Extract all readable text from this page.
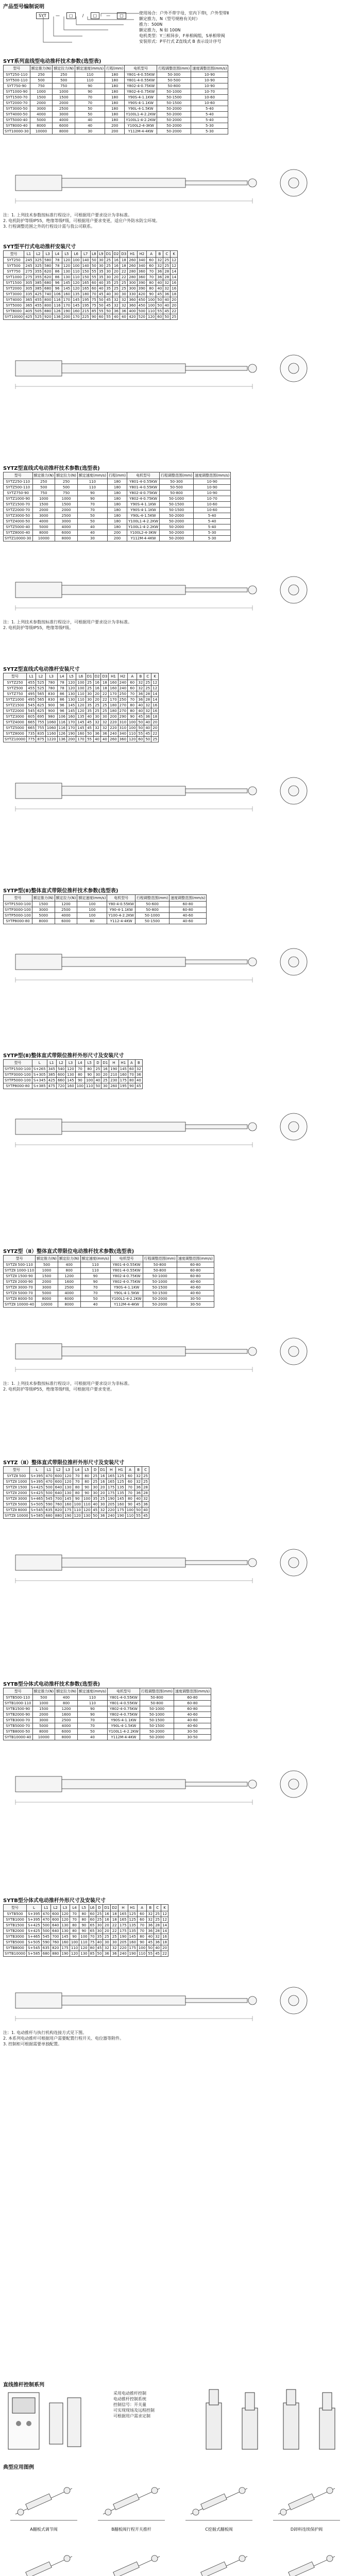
产品型号编制说明
SYT — □ / □ — □
使用场合：户外不带字母，室内下带I，户外型带Ⅱ
额定推力，N（型号规格有关时）
推力：500N
额定推力，N 如 100N
电机类型：Y三相异步，F单相阀组，S单相带阀
安装形式：P平行式 Z直线式 B 表示设计序号
SYT系列直线型电动推杆技术参数(选型表)
型号	额定推力(N)	额定拉力(N)	额定速度(mm/s)	行程(mm)	电机型号	行程调整范围(mm)	速度调整范围(mm/s)
SYT250-110	250	250	110	180	Y801-4-0.55KW	50-300	10-90
SYT500-110	500	500	110	180	Y801-4-0.55KW	50-500	10-90
SYT750-90	750	750	90	180	Y802-4-0.75KW	50-800	10-90
SYT1000-90	1000	1000	90	180	Y802-4-0.75KW	50-1000	10-70
SYT1500-70	1500	1500	70	180	Y90S-4-1.1KW	50-1500	10-60
SYT2000-70	2000	2000	70	180	Y90S-4-1.1KW	50-1500	10-60
SYT3000-50	3000	2500	50	180	Y90L-4-1.5KW	50-2000	5-40
SYT4000-50	4000	3000	50	180	Y100L1-4-2.2KW	50-2000	5-40
SYT5000-40	5000	4000	40	180	Y100L1-4-2.2KW	50-2000	5-40
SYT8000-40	8000	6000	40	200	Y100L2-4-3KW	50-2000	5-30
SYT10000-30	10000	8000	30	200	Y112M-4-4KW	50-2000	5-30
注：1. 上列技术参数按标准行程设计，可根据用户要求设计为非标准。
2. 电机防护等级IP55，绝缘等级F级，可根据用户要求变更，适应户外防水防尘环境。
3. 行程调整范围之外的行程设计需与我公司联系。
SYT型平行式电动推杆安装尺寸
型号	L1	L2	L3	L4	L5	L6	L7	L8	L9	D1	D2	D3	H1	H2	A	B	C	K
SYT250	245	325	580	78	120	100	140	50	30	25	16	18	260	340	60	32	25	12
SYT500	245	325	580	78	120	100	140	50	30	25	16	18	260	340	60	32	25	12
SYT750	275	355	620	86	130	110	150	55	35	30	20	22	280	360	70	36	28	14
SYT1000	275	355	620	86	130	110	150	55	35	30	20	22	280	360	70	36	28	14
SYT1500	305	385	680	96	145	120	165	60	40	35	25	25	300	390	80	40	32	16
SYT2000	305	385	680	96	145	120	165	60	40	35	25	25	300	390	80	40	32	16
SYT3000	335	425	740	106	160	135	180	70	45	40	30	30	330	420	90	45	36	18
SYT4000	365	455	800	116	170	145	195	75	50	45	32	32	360	450	100	50	40	20
SYT5000	365	455	800	116	170	145	195	75	50	45	32	32	360	450	100	50	40	20
SYT8000	405	505	880	126	190	160	215	85	55	50	36	36	400	500	110	55	45	22
SYT10000	425	525	920	136	200	170	225	90	60	55	40	40	420	520	120	60	50	25
SYTZ型直线式电动推杆技术参数(选型表)
型号	额定推力(N)	额定拉力(N)	额定速度(mm/s)	行程(mm)	电机型号	行程调整范围(mm)	速度调整范围(mm/s)
SYTZ250-110	250	250	110	180	Y801-4-0.55KW	50-300	10-90
SYTZ500-110	500	500	110	180	Y801-4-0.55KW	50-500	10-90
SYTZ750-90	750	750	90	180	Y802-4-0.75KW	50-800	10-90
SYTZ1000-90	1000	1000	90	180	Y802-4-0.75KW	50-1000	10-70
SYTZ1500-70	1500	1500	70	180	Y90S-4-1.1KW	50-1500	10-60
SYTZ2000-70	2000	2000	70	180	Y90S-4-1.1KW	50-1500	10-60
SYTZ3000-50	3000	2500	50	180	Y90L-4-1.5KW	50-2000	5-40
SYTZ4000-50	4000	3000	50	180	Y100L1-4-2.2KW	50-2000	5-40
SYTZ5000-40	5000	4000	40	180	Y100L1-4-2.2KW	50-2000	5-40
SYTZ8000-40	8000	6000	40	200	Y100L2-4-3KW	50-2000	5-30
SYTZ10000-30	10000	8000	30	200	Y112M-4-4KW	50-2000	5-30
注：1. 上列技术参数按标准行程设计，可根据用户要求设计为非标准。
2. 电机防护等级IP55，绝缘等级F级。
SYTZ型直线式电动推杆安装尺寸
型号	L1	L2	L3	L4	L5	L6	D1	D2	D3	H1	H2	A	B	C	K
SYTZ250	455	525	780	78	120	100	25	16	18	160	240	60	32	25	12
SYTZ500	455	525	780	78	120	100	25	16	18	160	240	60	32	25	12
SYTZ750	495	565	830	86	130	110	30	20	22	170	250	70	36	28	14
SYTZ1000	495	565	830	86	130	110	30	20	22	170	250	70	36	28	14
SYTZ1500	545	625	900	96	145	120	35	25	25	180	270	80	40	32	16
SYTZ2000	545	625	900	96	145	120	35	25	25	180	270	80	40	32	16
SYTZ3000	605	695	980	106	160	135	40	30	30	200	290	90	45	36	18
SYTZ4000	665	755	1060	116	170	145	45	32	32	220	310	100	50	40	20
SYTZ5000	665	755	1060	116	170	145	45	32	32	220	310	100	50	40	20
SYTZ8000	735	835	1160	126	190	160	50	36	36	240	340	110	55	45	22
SYTZ10000	775	875	1220	136	200	170	55	40	40	260	360	120	60	50	25
SYTP型(Ⅱ)整体直式带限位推杆技术参数(选型表)
型号	额定推力(N)	额定拉力(N)	额定速度(mm/s)	电机型号	行程调整范围(mm)	速度调整范围(mm/s)
SYTP1500-100	1500	1200	100	Y80-4-0.55KW	50-600	60-80
SYTP3000-100	3000	2500	100	Y90-4-1.1KW	50-800	60-80
SYTP5000-100	5000	4000	100	Y100-4-2.2KW	50-1000	40-60
SYTP8000-80	8000	6000	80	Y112-4-4KW	50-1500	40-60
SYTP型(Ⅱ)整体直式带限位推杆外形尺寸及安装尺寸
型号	L	L1	L2	L3	L4	L5	D	D1	H	H1	A	B
SYTP1500-100	S+265	345	540	120	70	80	25	16	190	145	60	32
SYTP3000-100	S+305	385	600	130	80	90	30	20	210	160	70	36
SYTP5000-100	S+345	425	660	145	90	100	40	25	230	175	80	40
SYTP8000-80	S+385	475	720	160	100	110	50	30	260	195	90	45
SYTZ型（Ⅱ）整体直式带限位电动推杆技术参数(选型表)
型号	额定推力(N)	额定拉力(N)	额定速度(mm/s)	电机型号	行程调整范围(mm)	速度调整范围(mm/s)
SYTZⅡ 500-110	500	400	110	Y801-4-0.55KW	50-800	60-80
SYTZⅡ 1000-110	1000	800	110	Y801-4-0.55KW	50-800	60-80
SYTZⅡ 1500-90	1500	1200	90	Y802-4-0.75KW	50-1000	60-80
SYTZⅡ 2000-90	2000	1600	90	Y802-4-0.75KW	50-1000	40-60
SYTZⅡ 3000-70	3000	2500	70	Y90S-4-1.1KW	50-1500	40-60
SYTZⅡ 5000-70	5000	4000	70	Y90L-4-1.5KW	50-1500	40-60
SYTZⅡ 8000-50	8000	6000	50	Y100L1-4-2.2KW	50-2000	30-50
SYTZⅡ 10000-40	10000	8000	40	Y112M-4-4KW	50-2000	30-50
注：1. 上列技术参数按标准行程设计，可根据用户要求设计为非标准。
2. 电机防护等级IP55，绝缘等级F级，可根据用户要求变更。
SYTZ（Ⅱ）整体直式带限位推杆外形尺寸及安装尺寸
型号	L	L1	L2	L3	L4	L5	D	D1	H	H1	A	B	C
SYTZⅡ 500	S+395	470	600	120	70	80	25	16	165	125	60	32	25
SYTZⅡ 1000	S+395	470	600	120	70	80	25	16	165	125	60	32	25
SYTZⅡ 1500	S+425	500	640	130	80	90	30	20	175	135	70	36	28
SYTZⅡ 2000	S+425	500	640	130	80	90	30	20	175	135	70	36	28
SYTZⅡ 3000	S+465	545	700	145	90	100	35	25	190	145	80	40	32
SYTZⅡ 5000	S+505	590	760	160	100	110	40	30	205	160	90	45	36
SYTZⅡ 8000	S+545	635	820	175	110	120	45	32	220	175	100	50	40
SYTZⅡ 10000	S+585	680	880	190	120	130	50	36	240	190	110	55	45
SYTB型分体式电动推杆技术参数(选型表)
型号	额定推力(N)	额定拉力(N)	额定速度(mm/s)	电机型号	行程调整范围(mm)	速度调整范围(mm/s)
SYTB500-110	500	400	110	Y801-4-0.55KW	50-800	60-80
SYTB1000-110	1000	800	110	Y801-4-0.55KW	50-800	60-80
SYTB1500-90	1500	1200	90	Y802-4-0.75KW	50-1000	60-80
SYTB2000-90	2000	1600	90	Y802-4-0.75KW	50-1000	40-60
SYTB3000-70	3000	2500	70	Y90S-4-1.1KW	50-1500	40-60
SYTB5000-70	5000	4000	70	Y90L-4-1.5KW	50-1500	40-60
SYTB8000-50	8000	6000	50	Y100L1-4-2.2KW	50-2000	30-50
SYTB10000-40	10000	8000	40	Y112M-4-4KW	50-2000	30-50
SYTB型分体式电动推杆外形尺寸及安装尺寸
型号	L	L1	L2	L3	L4	L5	L6	D	D1	D2	H	H1	A	B	C	K
SYTB500	S+395	470	600	120	70	80	60	25	16	18	165	125	60	32	25	12
SYTB1000	S+395	470	600	120	70	80	60	25	16	18	165	125	60	32	25	12
SYTB1500	S+425	500	640	130	80	90	65	30	20	22	175	135	70	36	28	14
SYTB2000	S+425	500	640	130	80	90	65	30	20	22	175	135	70	36	28	14
SYTB3000	S+465	545	700	145	90	100	70	35	25	25	190	145	80	40	32	16
SYTB5000	S+505	590	760	160	100	110	75	40	30	30	205	160	90	45	36	18
SYTB8000	S+545	635	820	175	110	120	80	45	32	32	220	175	100	50	40	20
SYTB10000	S+585	680	880	190	120	130	85	50	36	36	240	190	110	55	45	22
注：1. 电动推杆与执行机构连接方式见下图。
2. 本系列电动推杆可根据用户需要配置行程开关、电位器等附件。
3. 控制柜可根据需要单独配置。
直线推杆控制系列
采用电动推杆控制
电动推杆控制系统
控制信号：开关量
可实现现场及远程控制
可根据用户需求定制
典型应用图例
A翻板式调节阀	B翻板阀行程开关推杆	C挖掘式翻板阀	D卸料连续保护阀
